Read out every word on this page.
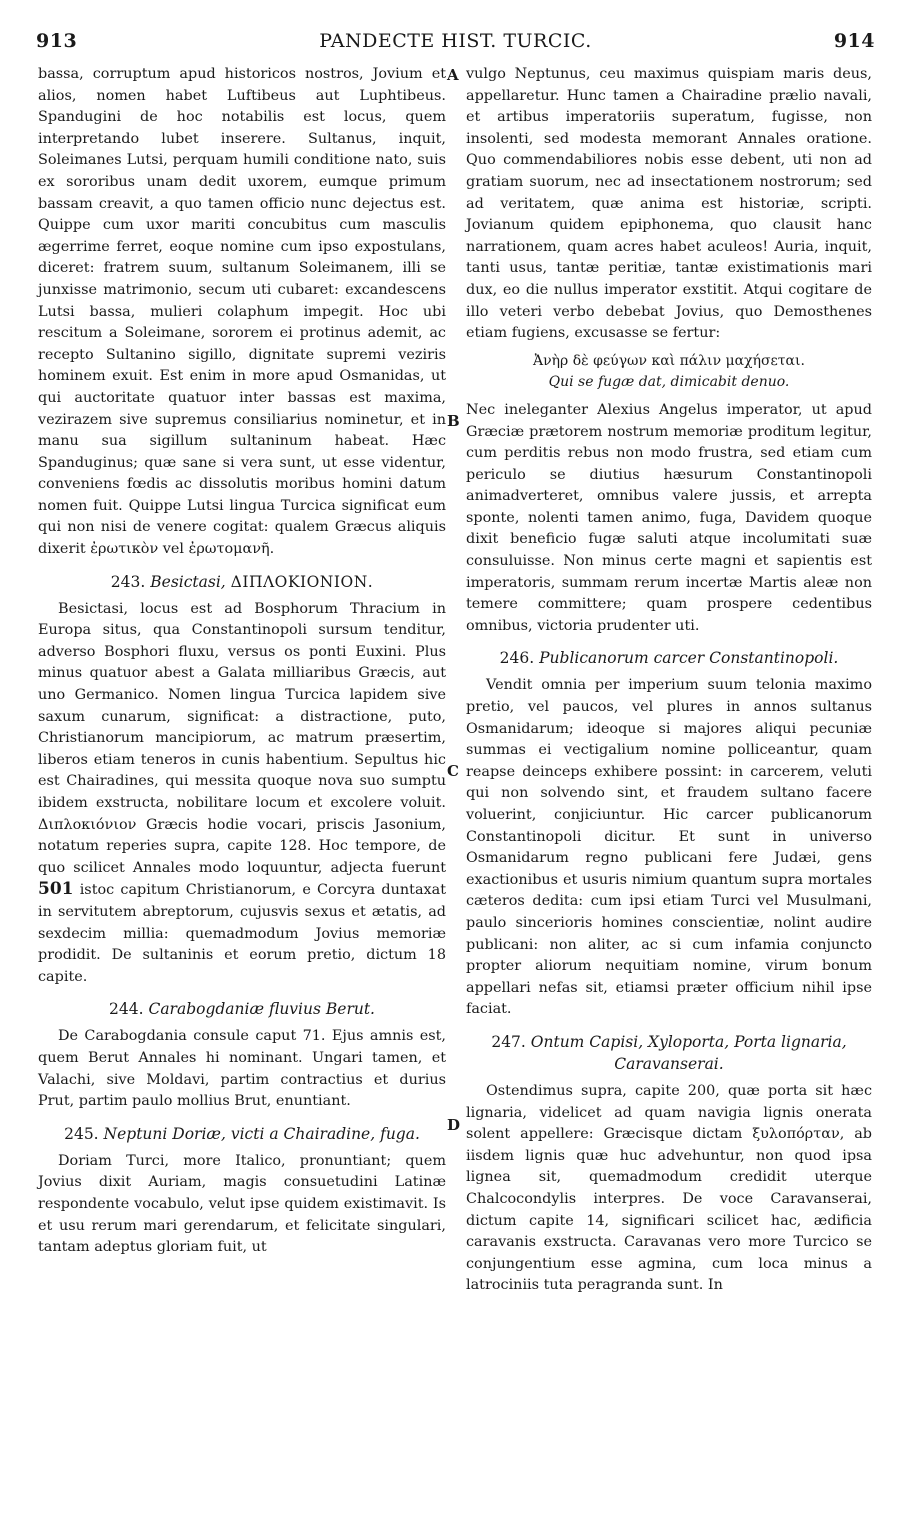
913	PANDECTE HIST. TURCIC.	914
A
B
C
D

bassa, corruptum apud historicos nostros, Jovium et alios, nomen habet Luftibeus aut Luphtibeus. Spandugini de hoc notabilis est locus, quem interpretando lubet inserere. Sultanus, inquit, Soleimanes Lutsi, perquam humili conditione nato, suis ex sororibus unam dedit uxorem, eumque primum bassam creavit, a quo tamen officio nunc dejectus est. Quippe cum uxor mariti concubitus cum masculis ægerrime ferret, eoque nomine cum ipso expostulans, diceret: fratrem suum, sultanum Soleimanem, illi se junxisse matrimonio, secum uti cubaret: excandescens Lutsi bassa, mulieri colaphum impegit. Hoc ubi rescitum a Soleimane, sororem ei protinus ademit, ac recepto Sultanino sigillo, dignitate supremi veziris hominem exuit. Est enim in more apud Osmanidas, ut qui auctoritate quatuor inter bassas est maxima, vezirazem sive supremus consiliarius nominetur, et in manu sua sigillum sultaninum habeat. Hæc Spanduginus; quæ sane si vera sunt, ut esse videntur, conveniens fœdis ac dissolutis moribus homini datum nomen fuit. Quippe Lutsi lingua Turcica significat eum qui non nisi de venere cogitat: qualem Græcus aliquis dixerit ἐρωτικὸν vel ἐρωτομανῆ.

243. Besictasi, ΔΙΠΛΟΚΙΟΝΙΟΝ.

Besictasi, locus est ad Bosphorum Thracium in Europa situs, qua Constantinopoli sursum tenditur, adverso Bosphori fluxu, versus os ponti Euxini. Plus minus quatuor abest a Galata milliaribus Græcis, aut uno Germanico. Nomen lingua Turcica lapidem sive saxum cunarum, significat: a distractione, puto, Christianorum mancipiorum, ac matrum præsertim, liberos etiam teneros in cunis habentium. Sepultus hic est Chairadines, qui messita quoque nova suo sumptu ibidem exstructa, nobilitare locum et excolere voluit. Διπλοκιόνιον Græcis hodie vocari, priscis Jasonium, notatum reperies supra, capite 128. Hoc tempore, de quo scilicet Annales modo loquuntur, adjecta fuerunt 501 istoc capitum Christianorum, e Corcyra duntaxat in servitutem abreptorum, cujusvis sexus et ætatis, ad sexdecim millia: quemadmodum Jovius memoriæ prodidit. De sultaninis et eorum pretio, dictum 18 capite.

244. Carabogdaniæ fluvius Berut.

De Carabogdania consule caput 71. Ejus amnis est, quem Berut Annales hi nominant. Ungari tamen, et Valachi, sive Moldavi, partim contractius et durius Prut, partim paulo mollius Brut, enuntiant.

245. Neptuni Doriæ, victi a Chairadine, fuga.

Doriam Turci, more Italico, pronuntiant; quem Jovius dixit Auriam, magis consuetudini Latinæ respondente vocabulo, velut ipse quidem existimavit. Is et usu rerum mari gerendarum, et felicitate singulari, tantam adeptus gloriam fuit, ut

vulgo Neptunus, ceu maximus quispiam maris deus, appellaretur. Hunc tamen a Chairadine prælio navali, et artibus imperatoriis superatum, fugisse, non insolenti, sed modesta memorant Annales oratione. Quo commendabiliores nobis esse debent, uti non ad gratiam suorum, nec ad insectationem nostrorum; sed ad veritatem, quæ anima est historiæ, scripti. Jovianum quidem epiphonema, quo clausit hanc narrationem, quam acres habet aculeos! Auria, inquit, tanti usus, tantæ peritiæ, tantæ existimationis mari dux, eo die nullus imperator exstitit. Atqui cogitare de illo veteri verbo debebat Jovius, quo Demosthenes etiam fugiens, excusasse se fertur:

Ἀνὴρ δὲ φεύγων καὶ πάλιν μαχήσεται.
Qui se fugæ dat, dimicabit denuo.

Nec ineleganter Alexius Angelus imperator, ut apud Græciæ prætorem nostrum memoriæ proditum legitur, cum perditis rebus non modo frustra, sed etiam cum periculo se diutius hæsurum Constantinopoli animadverteret, omnibus valere jussis, et arrepta sponte, nolenti tamen animo, fuga, Davidem quoque dixit beneficio fugæ saluti atque incolumitati suæ consuluisse. Non minus certe magni et sapientis est imperatoris, summam rerum incertæ Martis aleæ non temere committere; quam prospere cedentibus omnibus, victoria prudenter uti.

246. Publicanorum carcer Constantinopoli.

Vendit omnia per imperium suum telonia maximo pretio, vel paucos, vel plures in annos sultanus Osmanidarum; ideoque si majores aliqui pecuniæ summas ei vectigalium nomine polliceantur, quam reapse deinceps exhibere possint: in carcerem, veluti qui non solvendo sint, et fraudem sultano facere voluerint, conjiciuntur. Hic carcer publicanorum Constantinopoli dicitur. Et sunt in universo Osmanidarum regno publicani fere Judæi, gens exactionibus et usuris nimium quantum supra mortales cæteros dedita: cum ipsi etiam Turci vel Musulmani, paulo sincerioris homines conscientiæ, nolint audire publicani: non aliter, ac si cum infamia conjuncto propter aliorum nequitiam nomine, virum bonum appellari nefas sit, etiamsi præter officium nihil ipse faciat.

247. Ontum Capisi, Xyloporta, Porta lignaria,
Caravanserai.

Ostendimus supra, capite 200, quæ porta sit hæc lignaria, videlicet ad quam navigia lignis onerata solent appellere: Græcisque dictam ξυλοπόρταν, ab iisdem lignis quæ huc advehuntur, non quod ipsa lignea sit, quemadmodum credidit uterque Chalcocondylis interpres. De voce Caravanserai, dictum capite 14, significari scilicet hac, ædificia caravanis exstructa. Caravanas vero more Turcico se conjungentium esse agmina, cum loca minus a latrociniis tuta peragranda sunt. In
